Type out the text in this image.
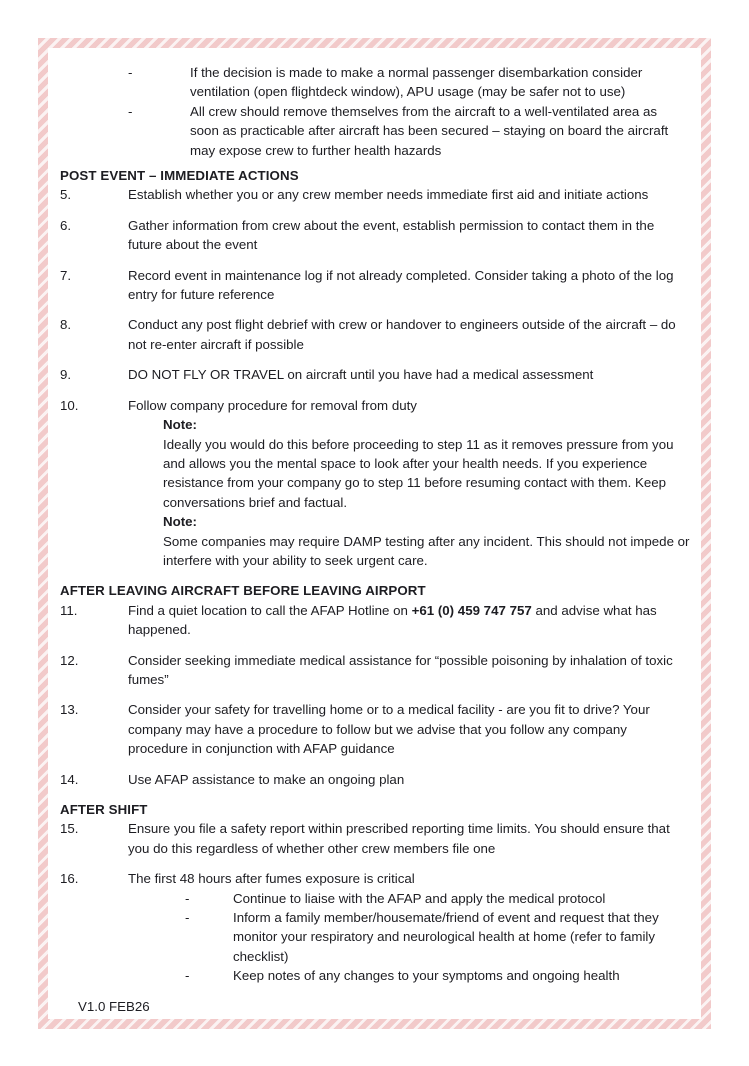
-	If the decision is made to make a normal passenger disembarkation consider ventilation (open flightdeck window), APU usage (may be safer not to use)
-	All crew should remove themselves from the aircraft to a well-ventilated area as soon as practicable after aircraft has been secured – staying on board the aircraft may expose crew to further health hazards
POST EVENT – IMMEDIATE ACTIONS
5.	Establish whether you or any crew member needs immediate first aid and initiate actions
6.	Gather information from crew about the event, establish permission to contact them in the future about the event
7.	Record event in maintenance log if not already completed. Consider taking a photo of the log entry for future reference
8.	Conduct any post flight debrief with crew or handover to engineers outside of the aircraft – do not re-enter aircraft if possible
9.	DO NOT FLY OR TRAVEL on aircraft until you have had a medical assessment
10.	Follow company procedure for removal from duty
Note:
Ideally you would do this before proceeding to step 11 as it removes pressure from you and allows you the mental space to look after your health needs. If you experience resistance from your company go to step 11 before resuming contact with them. Keep conversations brief and factual.
Note:
Some companies may require DAMP testing after any incident. This should not impede or interfere with your ability to seek urgent care.
AFTER LEAVING AIRCRAFT BEFORE LEAVING AIRPORT
11.	Find a quiet location to call the AFAP Hotline on +61 (0) 459 747 757 and advise what has happened.
12.	Consider seeking immediate medical assistance for “possible poisoning by inhalation of toxic fumes”
13.	Consider your safety for travelling home or to a medical facility - are you fit to drive? Your company may have a procedure to follow but we advise that you follow any company procedure in conjunction with AFAP guidance
14.	Use AFAP assistance to make an ongoing plan
AFTER SHIFT
15.	Ensure you file a safety report within prescribed reporting time limits. You should ensure that you do this regardless of whether other crew members file one
16.	The first 48 hours after fumes exposure is critical
-	Continue to liaise with the AFAP and apply the medical protocol
-	Inform a family member/housemate/friend of event and request that they monitor your respiratory and neurological health at home (refer to family checklist)
-	Keep notes of any changes to your symptoms and ongoing health
V1.0 FEB26
